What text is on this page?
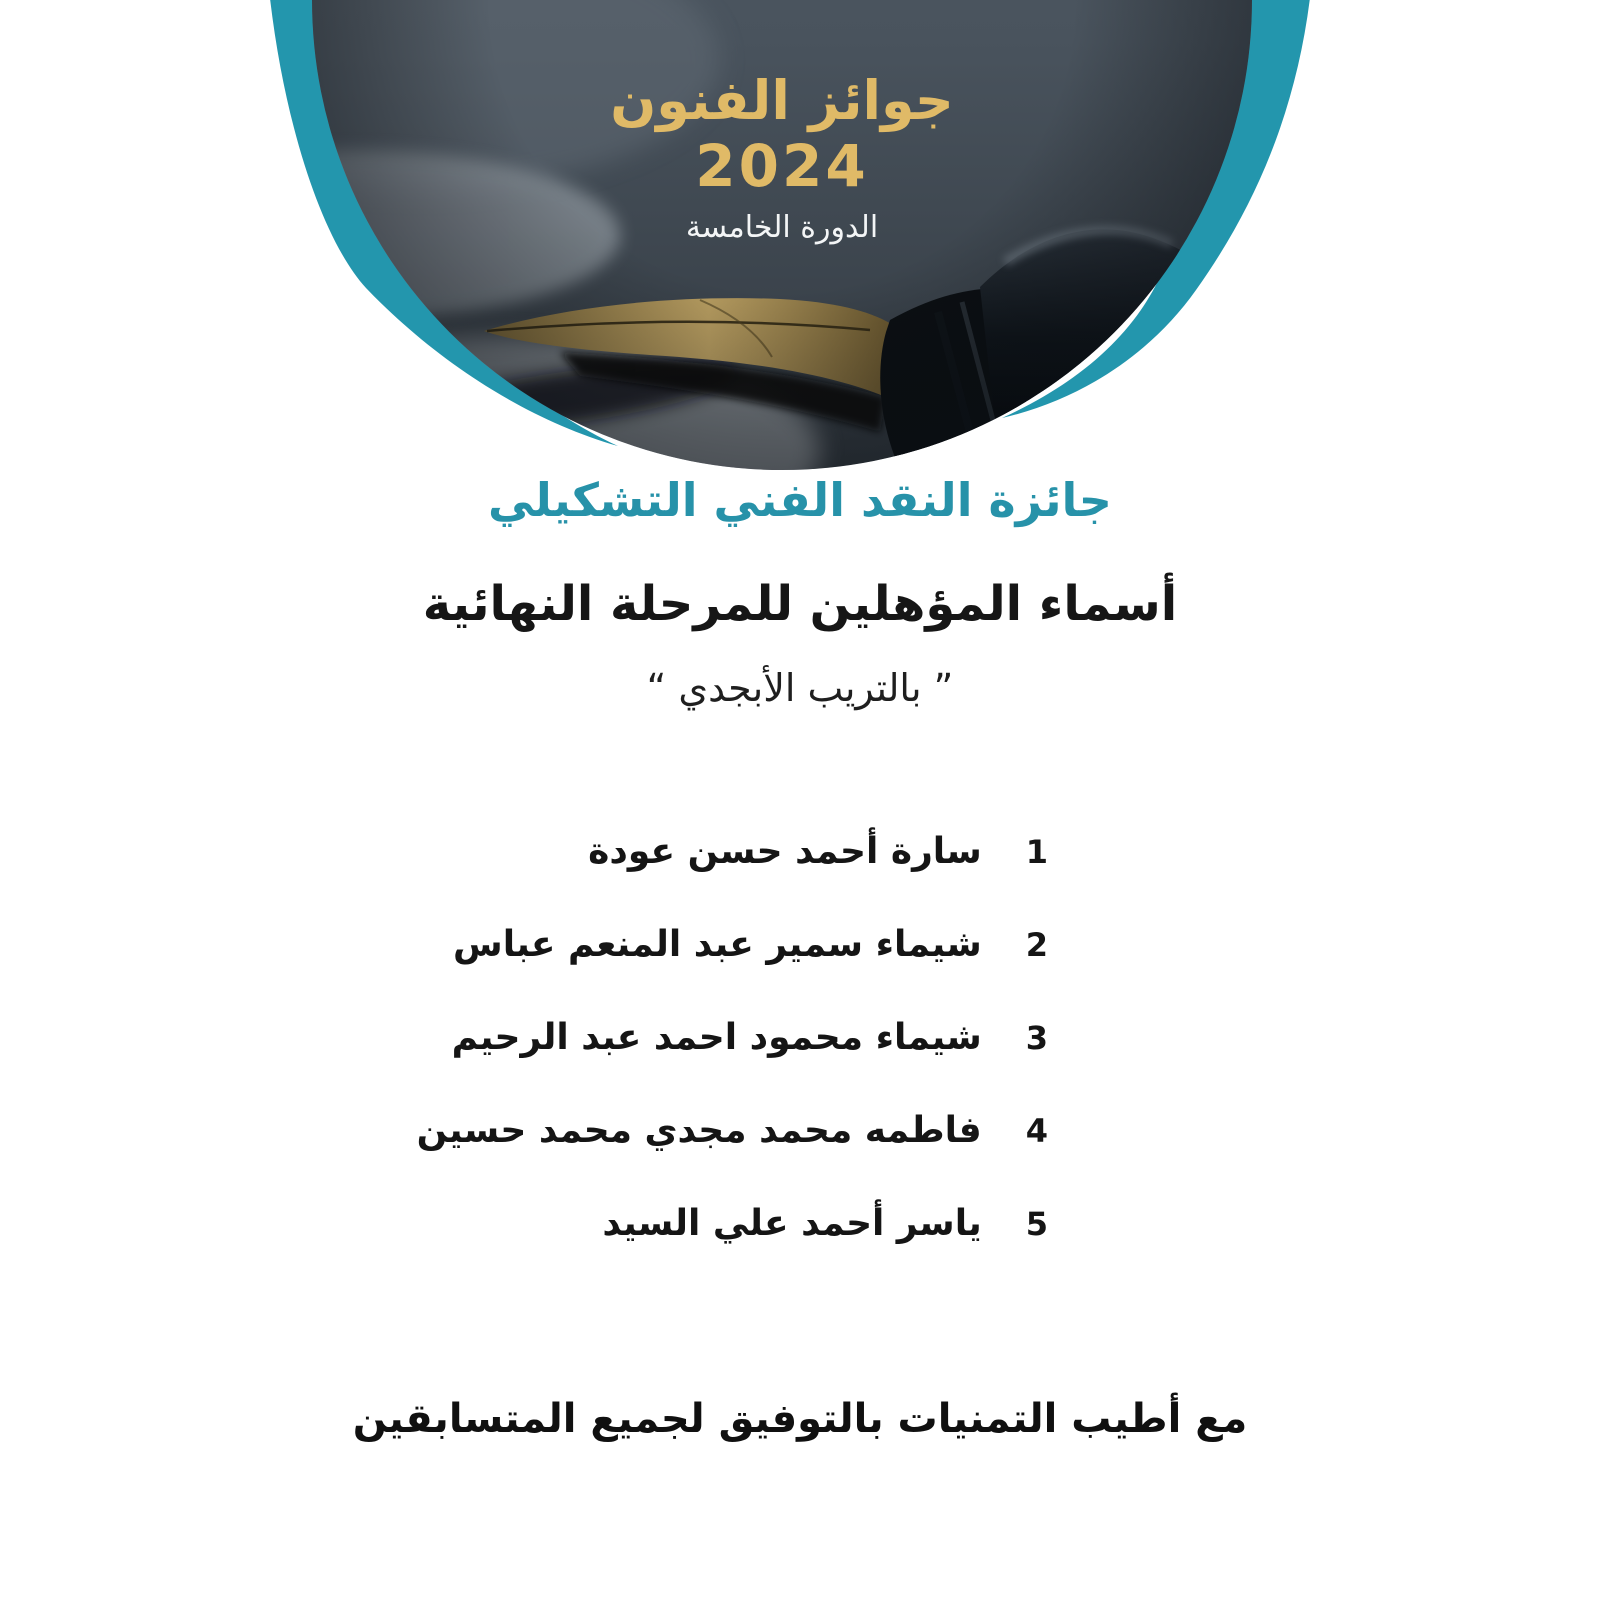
جوائز الفنون
2024
الدورة الخامسة
جائزة النقد الفني التشكيلي
أسماء المؤهلين للمرحلة النهائية
” بالتريب الأبجدي “
1
سارة أحمد حسن عودة
2
شيماء سمير عبد المنعم عباس
3
شيماء محمود احمد عبد الرحيم
4
فاطمه محمد مجدي محمد حسين
5
ياسر أحمد علي السيد
مع أطيب التمنيات بالتوفيق لجميع المتسابقين
